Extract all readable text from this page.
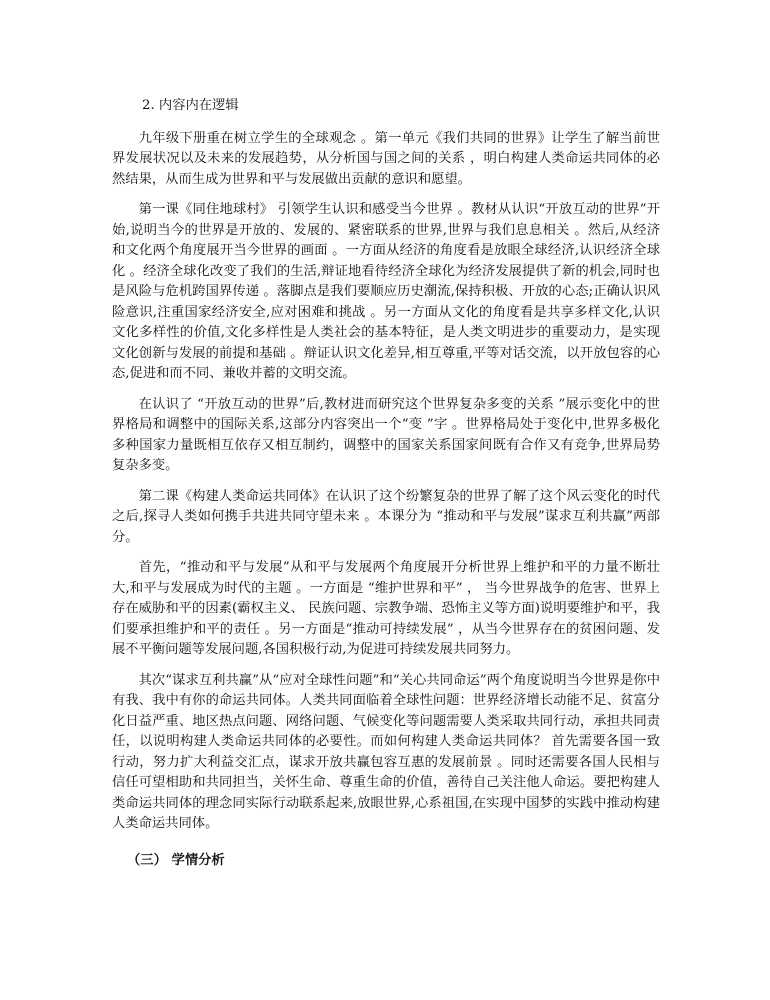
2. 内容内在逻辑
九年级下册重在树立学生的全球观念 。第一单元《我们共同的世界》让学生了解当前世界发展状况以及未来的发展趋势，从分析国与国之间的关系 ，明白构建人类命运共同体的必然结果，从而生成为世界和平与发展做出贡献的意识和愿望。
第一课《同住地球村》 引领学生认识和感受当今世界 。教材从认识“开放互动的世界”开始,说明当今的世界是开放的、发展的、紧密联系的世界,世界与我们息息相关 。然后,从经济和文化两个角度展开当今世界的画面 。一方面从经济的角度看是放眼全球经济,认识经济全球化 。经济全球化改变了我们的生活,辩证地看待经济全球化为经济发展提供了新的机会,同时也是风险与危机跨国界传递 。落脚点是我们要顺应历史潮流,保持积极、开放的心态;正确认识风险意识,注重国家经济安全,应对困难和挑战 。另一方面从文化的角度看是共享多样文化,认识文化多样性的价值,文化多样性是人类社会的基本特征，是人类文明进步的重要动力，是实现文化创新与发展的前提和基础 。辩证认识文化差异,相互尊重,平等对话交流，以开放包容的心态,促进和而不同、兼收并蓄的文明交流。
在认识了 “开放互动的世界”后,教材进而研究这个世界复杂多变的关系 ”展示变化中的世界格局和调整中的国际关系,这部分内容突出一个“变 ”字 。世界格局处于变化中,世界多极化多种国家力量既相互依存又相互制约，调整中的国家关系国家间既有合作又有竞争,世界局势复杂多变。
第二课《构建人类命运共同体》在认识了这个纷繁复杂的世界了解了这个风云变化的时代之后,探寻人类如何携手共进共同守望未来 。本课分为 “推动和平与发展”谋求互利共赢”两部分。
首先，“推动和平与发展”从和平与发展两个角度展开分析世界上维护和平的力量不断壮大,和平与发展成为时代的主题 。一方面是 “维护世界和平” ， 当今世界战争的危害、世界上存在威胁和平的因素(霸权主义、 民族问题、宗教争端、恐怖主义等方面)说明要维护和平，我们要承担维护和平的责任 。另一方面是“推动可持续发展” ，从当今世界存在的贫困问题、发展不平衡问题等发展问题,各国积极行动,为促进可持续发展共同努力。
其次“谋求互利共赢”从“应对全球性问题”和“关心共同命运”两个角度说明当今世界是你中有我、我中有你的命运共同体。人类共同面临着全球性问题：世界经济增长动能不足、贫富分化日益严重、地区热点问题、网络问题、气候变化等问题需要人类采取共同行动，承担共同责任，以说明构建人类命运共同体的必要性。而如何构建人类命运共同体？ 首先需要各国一致行动，努力扩大利益交汇点，谋求开放共赢包容互惠的发展前景 。同时还需要各国人民相与信任可望相助和共同担当，关怀生命、尊重生命的价值，善待自己关注他人命运。要把构建人类命运共同体的理念同实际行动联系起来,放眼世界,心系祖国,在实现中国梦的实践中推动构建人类命运共同体。
（三） 学情分析
